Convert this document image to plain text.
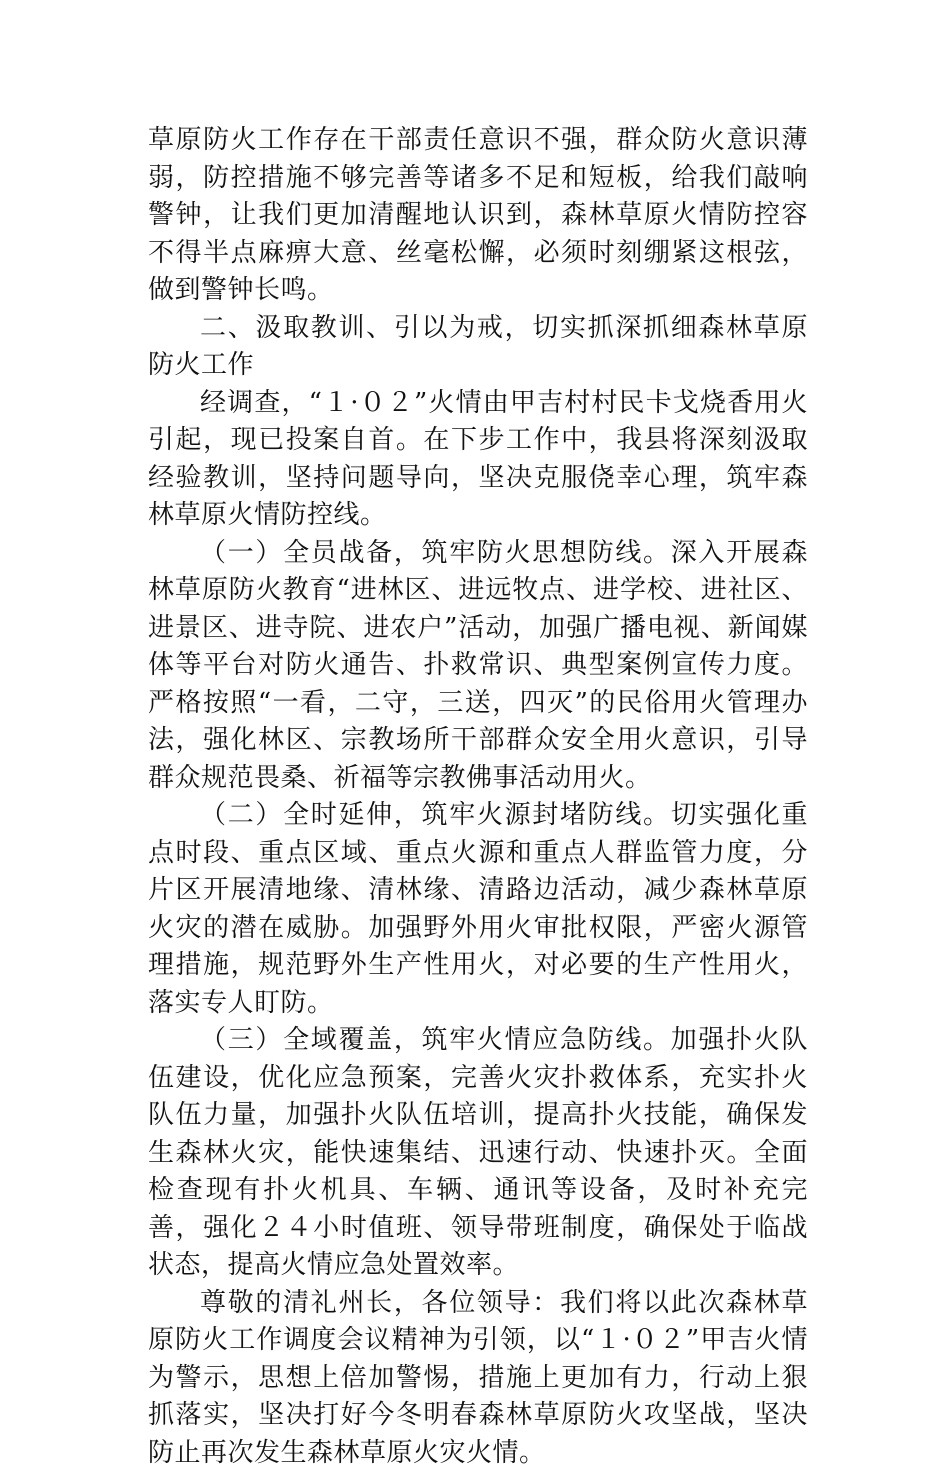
草原防火工作存在干部责任意识不强，群众防火意识薄弱，防控措施不够完善等诸多不足和短板，给我们敲响警钟，让我们更加清醒地认识到，森林草原火情防控容不得半点麻痹大意、丝毫松懈，必须时刻绷紧这根弦，做到警钟长鸣。

二、汲取教训、引以为戒，切实抓深抓细森林草原防火工作

经调查，“１·０２”火情由甲吉村村民卡戈烧香用火引起，现已投案自首。在下步工作中，我县将深刻汲取经验教训，坚持问题导向，坚决克服侥幸心理，筑牢森林草原火情防控线。

（一）全员战备，筑牢防火思想防线。深入开展森林草原防火教育“进林区、进远牧点、进学校、进社区、进景区、进寺院、进农户”活动，加强广播电视、新闻媒体等平台对防火通告、扑救常识、典型案例宣传力度。严格按照“一看，二守，三送，四灭”的民俗用火管理办法，强化林区、宗教场所干部群众安全用火意识，引导群众规范畏桑、祈福等宗教佛事活动用火。

（二）全时延伸，筑牢火源封堵防线。切实强化重点时段、重点区域、重点火源和重点人群监管力度，分片区开展清地缘、清林缘、清路边活动，减少森林草原火灾的潜在威胁。加强野外用火审批权限，严密火源管理措施，规范野外生产性用火，对必要的生产性用火，落实专人盯防。

（三）全域覆盖，筑牢火情应急防线。加强扑火队伍建设，优化应急预案，完善火灾扑救体系，充实扑火队伍力量，加强扑火队伍培训，提高扑火技能，确保发生森林火灾，能快速集结、迅速行动、快速扑灭。全面检查现有扑火机具、车辆、通讯等设备，及时补充完善，强化２４小时值班、领导带班制度，确保处于临战状态，提高火情应急处置效率。

尊敬的清礼州长，各位领导：我们将以此次森林草原防火工作调度会议精神为引领，以“１·０２”甲吉火情为警示，思想上倍加警惕，措施上更加有力，行动上狠抓落实，坚决打好今冬明春森林草原防火攻坚战，坚决防止再次发生森林草原火灾火情。
